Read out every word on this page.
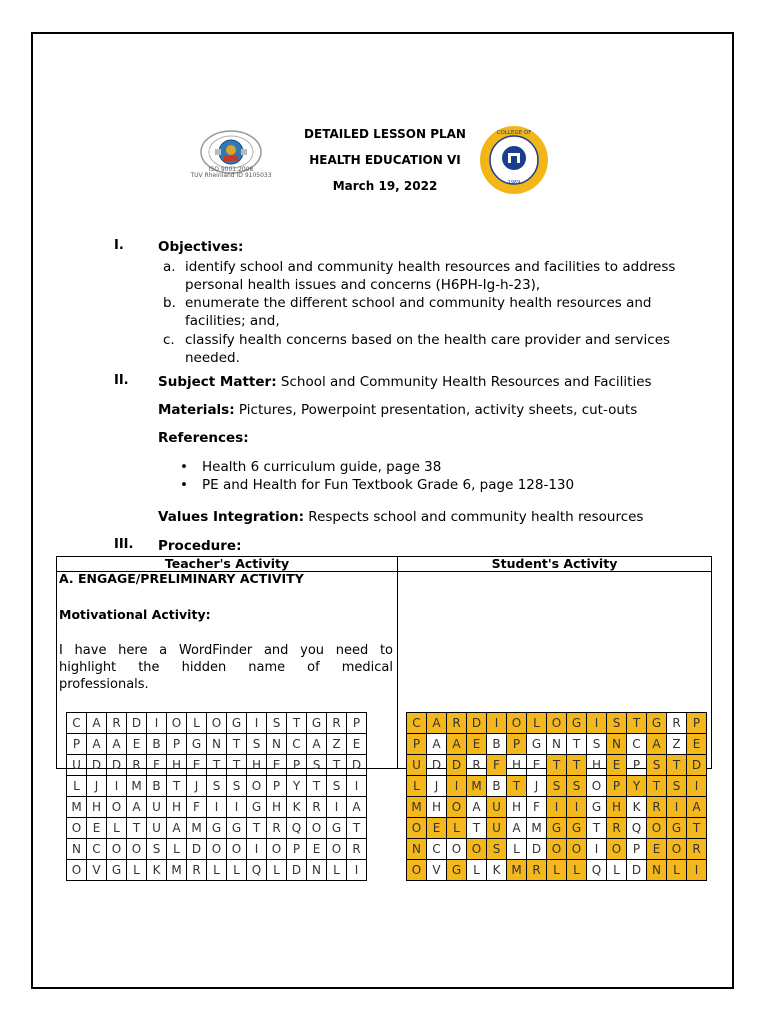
ISO 9001:2008
TUV Rheinland ID 9105033
DETAILED LESSON PLAN
HEALTH EDUCATION VI
March 19, 2022	1969
COLLEGE OF
I.	Objectives:
a. identify school and community health resources and facilities to address
personal health issues and concerns (H6PH-Ig-h-23),
b. enumerate the different school and community health resources and
facilities; and,
c. classify health concerns based on the health care provider and services
needed.
II. Subject Matter: School and Community Health Resources and Facilities
Materials: Pictures, Powerpoint presentation, activity sheets, cut-outs
References:
• Health 6 curriculum guide, page 38
• PE and Health for Fun Textbook Grade 6, page 128-130
Values Integration: Respects school and community health resources
III. Procedure:
Teacher's Activity	Student's Activity

A. ENGAGE/PRELIMINARY ACTIVITY
Motivational Activity:
I have here a WordFinder and you need to highlight the hidden name of medical professionals.	

C	A	R	D	I	O	L	O	G	I	S	T	G	R	P
P	A	A	E	B	P	G	N	T	S	N	C	A	Z	E
U	D	D	R	F	H	E	T	T	H	E	P	S	T	D
L	J	I	M	B	T	J	S	S	O	P	Y	T	S	I
M	H	O	A	U	H	F	I	I	G	H	K	R	I	A
O	E	L	T	U	A	M	G	G	T	R	Q	O	G	T
N	C	O	O	S	L	D	O	O	I	O	P	E	O	R
O	V	G	L	K	M	R	L	L	Q	L	D	N	L	I
C	A	R	D	I	O	L	O	G	I	S	T	G	R	P
P	A	A	E	B	P	G	N	T	S	N	C	A	Z	E
U	D	D	R	F	H	E	T	T	H	E	P	S	T	D
L	J	I	M	B	T	J	S	S	O	P	Y	T	S	I
M	H	O	A	U	H	F	I	I	G	H	K	R	I	A
O	E	L	T	U	A	M	G	G	T	R	Q	O	G	T
N	C	O	O	S	L	D	O	O	I	O	P	E	O	R
O	V	G	L	K	M	R	L	L	Q	L	D	N	L	I
